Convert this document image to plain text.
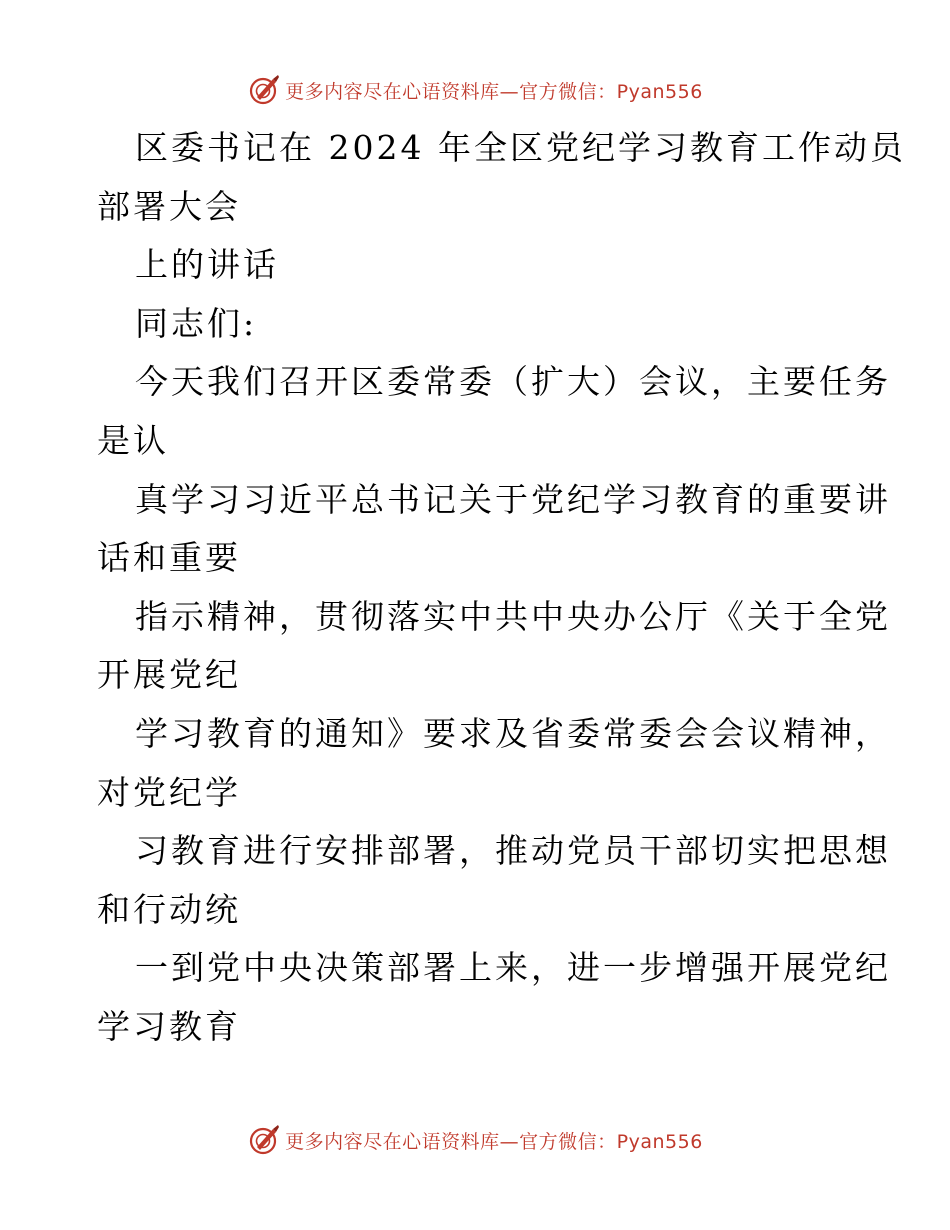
更多内容尽在心语资料库—官方微信：Pyan556
区委书记在 2024 年全区党纪学习教育工作动员
部署大会
上的讲话
同志们:
今天我们召开区委常委（扩大）会议，主要任务
是认
真学习习近平总书记关于党纪学习教育的重要讲
话和重要
指示精神，贯彻落实中共中央办公厅《关于全党
开展党纪
学习教育的通知》要求及省委常委会会议精神，
对党纪学
习教育进行安排部署，推动党员干部切实把思想
和行动统
一到党中央决策部署上来，进一步增强开展党纪
学习教育
更多内容尽在心语资料库—官方微信：Pyan556
